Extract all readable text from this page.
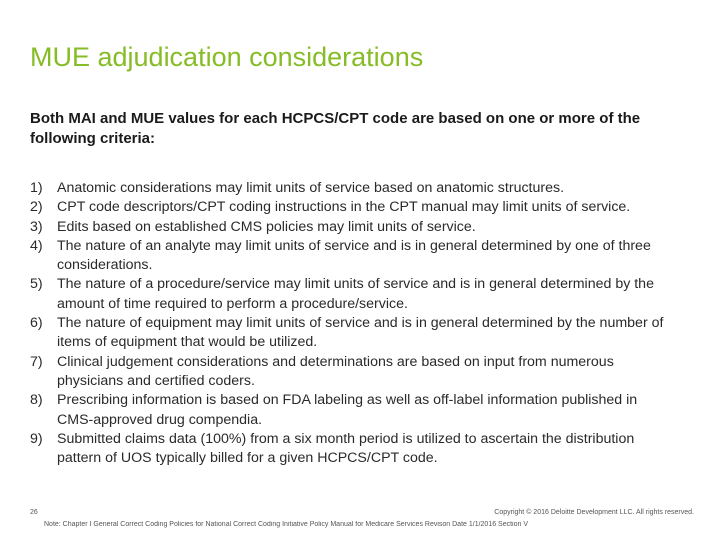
MUE adjudication considerations
Both MAI and MUE values for each HCPCS/CPT code are based on one or more of the following criteria:
1) Anatomic considerations may limit units of service based on anatomic structures.
2) CPT code descriptors/CPT coding instructions in the CPT manual may limit units of service.
3) Edits based on established CMS policies may limit units of service.
4) The nature of an analyte may limit units of service and is in general determined by one of three considerations.
5) The nature of a procedure/service may limit units of service and is in general determined by the amount of time required to perform a procedure/service.
6) The nature of equipment may limit units of service and is in general determined by the number of items of equipment that would be utilized.
7) Clinical judgement considerations and determinations are based on input from numerous physicians and certified coders.
8) Prescribing information is based on FDA labeling as well as off-label information published in CMS-approved drug compendia.
9) Submitted claims data (100%) from a six month period is utilized to ascertain the distribution pattern of UOS typically billed for a given HCPCS/CPT code.
26	Copyright © 2016 Deloitte Development LLC. All rights reserved.
Note: Chapter I General Correct Coding Policies for National Correct Coding Initiative Policy Manual for Medicare Services Revison Date 1/1/2016 Section V
